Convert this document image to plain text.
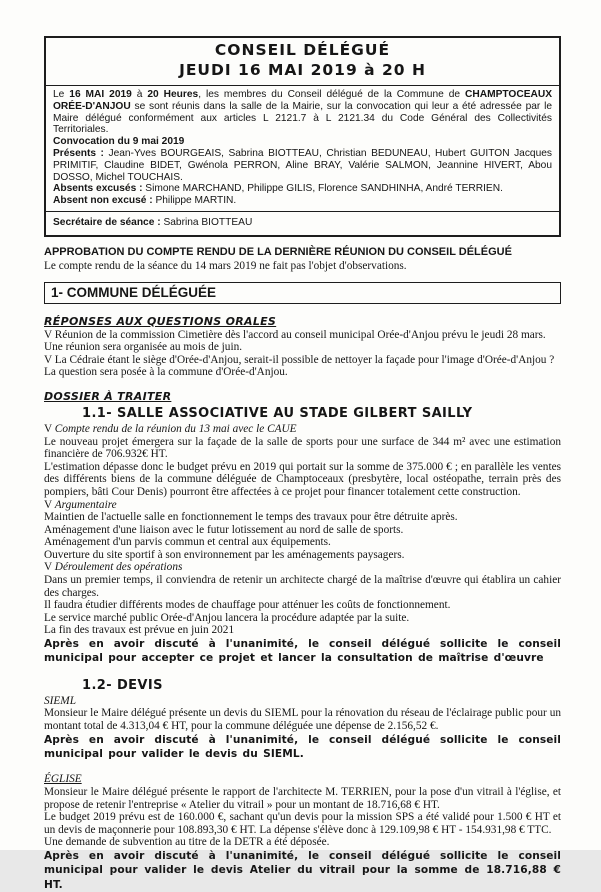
CONSEIL DÉLÉGUÉ

JEUDI 16 MAI 2019 à 20 H

Le 16 MAI 2019 à 20 Heures, les membres du Conseil délégué de la Commune de CHAMPTOCEAUX ORÉE-D'ANJOU se sont réunis dans la salle de la Mairie, sur la convocation qui leur a été adressée par le Maire délégué conformément aux articles L 2121.7 à L 2121.34 du Code Général des Collectivités Territoriales.

Convocation du 9 mai 2019

Présents : Jean-Yves BOURGEAIS, Sabrina BIOTTEAU, Christian BEDUNEAU, Hubert GUITON Jacques PRIMITIF, Claudine BIDET, Gwénola PERRON, Aline BRAY, Valérie SALMON, Jeannine HIVERT, Abou DOSSO, Michel TOUCHAIS.

Absents excusés : Simone MARCHAND, Philippe GILIS, Florence SANDHINHA, André TERRIEN.

Absent non excusé : Philippe MARTIN.

Secrétaire de séance : Sabrina BIOTTEAU

APPROBATION DU COMPTE RENDU DE LA DERNIÈRE RÉUNION DU CONSEIL DÉLÉGUÉ

Le compte rendu de la séance du 14 mars 2019 ne fait pas l'objet d'observations.

1- COMMUNE DÉLÉGUÉE

RÉPONSES AUX QUESTIONS ORALES

V Réunion de la commission Cimetière dès l'accord au conseil municipal Orée-d'Anjou prévu le jeudi 28 mars.

Une réunion sera organisée au mois de juin.

V La Cédraie étant le siège d'Orée-d'Anjou, serait-il possible de nettoyer la façade pour l'image d'Orée-d'Anjou ?

La question sera posée à la commune d'Orée-d'Anjou.

DOSSIER À TRAITER

1.1- SALLE ASSOCIATIVE AU STADE GILBERT SAILLY

V Compte rendu de la réunion du 13 mai avec le CAUE

Le nouveau projet émergera sur la façade de la salle de sports pour une surface de 344 m² avec une estimation financière de 706.932€ HT.

L'estimation dépasse donc le budget prévu en 2019 qui portait sur la somme de 375.000 € ; en parallèle les ventes des différents biens de la commune déléguée de Champtoceaux (presbytère, local ostéopathe, terrain près des pompiers, bâti Cour Denis) pourront être affectées à ce projet pour financer totalement cette construction.

V Argumentaire

Maintien de l'actuelle salle en fonctionnement le temps des travaux pour être détruite après.

Aménagement d'une liaison avec le futur lotissement au nord de salle de sports.

Aménagement d'un parvis commun et central aux équipements.

Ouverture du site sportif à son environnement par les aménagements paysagers.

V Déroulement des opérations

Dans un premier temps, il conviendra de retenir un architecte chargé de la maîtrise d'œuvre qui établira un cahier des charges.

Il faudra étudier différents modes de chauffage pour atténuer les coûts de fonctionnement.

Le service marché public Orée-d'Anjou lancera la procédure adaptée par la suite.

La fin des travaux est prévue en juin 2021

Après en avoir discuté à l'unanimité, le conseil délégué sollicite le conseil municipal pour accepter ce projet et lancer la consultation de maîtrise d'œuvre

1.2- DEVIS

SIEML

Monsieur le Maire délégué présente un devis du SIEML pour la rénovation du réseau de l'éclairage public pour un montant total de 4.313,04 € HT, pour la commune déléguée une dépense de 2.156,52 €.

Après en avoir discuté à l'unanimité, le conseil délégué sollicite le conseil municipal pour valider le devis du SIEML.

ÉGLISE

Monsieur le Maire délégué présente le rapport de l'architecte M. TERRIEN, pour la pose d'un vitrail à l'église, et propose de retenir l'entreprise « Atelier du vitrail » pour un montant de 18.716,68 € HT.

Le budget 2019 prévu est de 160.000 €, sachant qu'un devis pour la mission SPS a été validé pour 1.500 € HT et un devis de maçonnerie pour 108.893,30 € HT. La dépense s'élève donc à 129.109,98 € HT - 154.931,98 € TTC.

Une demande de subvention au titre de la DETR a été déposée.

Après en avoir discuté à l'unanimité, le conseil délégué sollicite le conseil municipal pour valider le devis Atelier du vitrail pour la somme de 18.716,88 € HT.
